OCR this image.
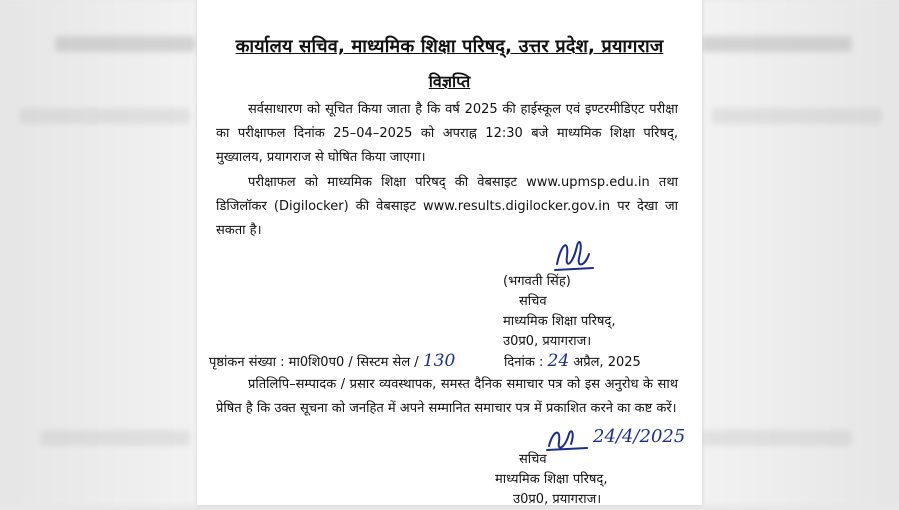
कार्यालय सचिव, माध्यमिक शिक्षा परिषद्, उत्तर प्रदेश, प्रयागराज
विज्ञप्ति
सर्वसाधारण को सूचित किया जाता है कि वर्ष 2025 की हाईस्कूल एवं इण्टरमीडिएट परीक्षा का परीक्षाफल दिनांक 25–04–2025 को अपराह्न 12:30 बजे माध्यमिक शिक्षा परिषद्, मुख्यालय, प्रयागराज से घोषित किया जाएगा।
परीक्षाफल को माध्यमिक शिक्षा परिषद् की वेबसाइट www.upmsp.edu.in तथा डिजिलॉकर (Digilocker) की वेबसाइट www.results.digilocker.gov.in पर देखा जा सकता है।
(भगवती सिंह)
सचिव
माध्यमिक शिक्षा परिषद्,
उ0प्र0, प्रयागराज।
पृष्ठांकन संख्या : मा0शि0प0 / सिस्टम सेल / 130	दिनांक : 24 अप्रैल, 2025
प्रतिलिपि–सम्पादक / प्रसार व्यवस्थापक, समस्त दैनिक समाचार पत्र को इस अनुरोध के साथ प्रेषित है कि उक्त सूचना को जनहित में अपने सम्मानित समाचार पत्र में प्रकाशित करने का कष्ट करें।
24/4/2025
सचिव
माध्यमिक शिक्षा परिषद्,
उ0प्र0, प्रयागराज।
